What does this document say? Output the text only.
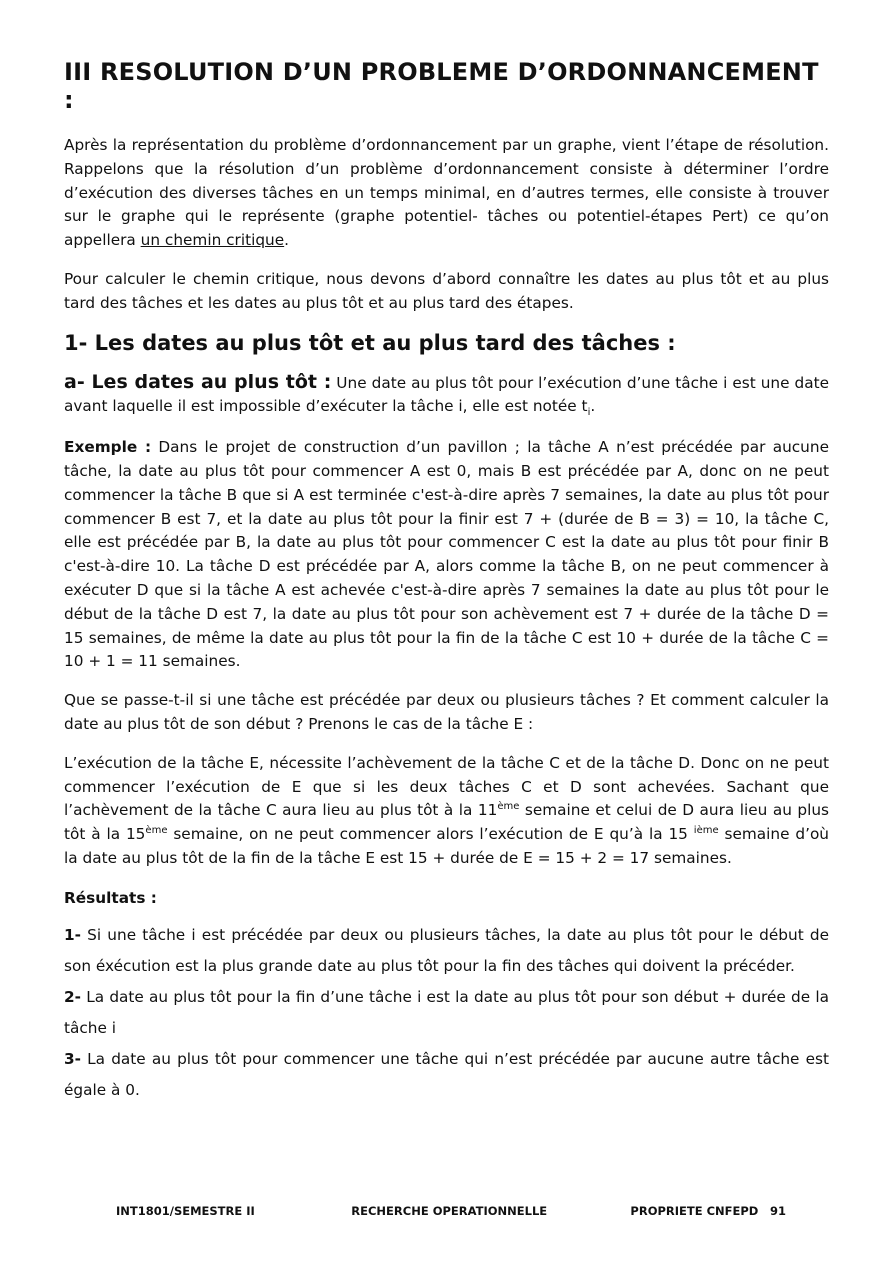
III RESOLUTION D’UN PROBLEME D’ORDONNANCEMENT :

Après la représentation du problème d’ordonnancement par un graphe, vient l’étape de résolution. Rappelons que la résolution d’un problème d’ordonnancement consiste à déterminer l’ordre d’exécution des diverses tâches en un temps minimal, en d’autres termes, elle consiste à trouver sur le graphe qui le représente (graphe potentiel- tâches ou potentiel-étapes Pert) ce qu’on appellera un chemin critique.

Pour calculer le chemin critique, nous devons d’abord connaître les dates au plus tôt et au plus tard des tâches et les dates au plus tôt et au plus tard des étapes.

1- Les dates au plus tôt et au plus tard des tâches :

a- Les dates au plus tôt : Une date au plus tôt pour l’exécution d’une tâche i est une date avant laquelle il est impossible d’exécuter la tâche i, elle est notée $t_i$.

Exemple : Dans le projet de construction d’un pavillon ; la tâche A n’est précédée par aucune tâche, la date au plus tôt pour commencer A est 0, mais B est précédée par A, donc on ne peut commencer la tâche B que si A est terminée c'est-à-dire après 7 semaines, la date au plus tôt pour commencer B est 7, et la date au plus tôt pour la finir est 7 + (durée de B = 3) = 10, la tâche C, elle est précédée par B, la date au plus tôt pour commencer C est la date au plus tôt pour finir B c'est-à-dire 10. La tâche D est précédée par A, alors comme la tâche B, on ne peut commencer à exécuter D que si la tâche A est achevée c'est-à-dire après 7 semaines la date au plus tôt pour le début de la tâche D est 7, la date au plus tôt pour son achèvement est 7 + durée de la tâche D = 15 semaines, de même la date au plus tôt pour la fin de la tâche C est 10 + durée de la tâche C = 10 + 1 = 11 semaines.

Que se passe-t-il si une tâche est précédée par deux ou plusieurs tâches ? Et comment calculer la date au plus tôt de son début ? Prenons le cas de la tâche E :

L’exécution de la tâche E, nécessite l’achèvement de la tâche C et de la tâche D. Donc on ne peut commencer l’exécution de E que si les deux tâches C et D sont achevées. Sachant que l’achèvement de la tâche C aura lieu au plus tôt à la 11ème semaine et celui de D aura lieu au plus tôt à la 15ème semaine, on ne peut commencer alors l’exécution de E qu’à la 15 $^{ième}$ semaine d’où la date au plus tôt de la fin de la tâche E est 15 + durée de E = 15 + 2 = 17 semaines.

Résultats :

1- Si une tâche i est précédée par deux ou plusieurs tâches, la date au plus tôt pour le début de son éxécution est la plus grande date au plus tôt pour la fin des tâches qui doivent la précéder.

2- La date au plus tôt pour la fin d’une tâche i est la date au plus tôt pour son début + durée de la tâche i

3- La date au plus tôt pour commencer une tâche qui n’est précédée par aucune autre tâche est égale à 0.

INT1801/SEMESTRE II	RECHERCHE OPERATIONNELLE	PROPRIETE CNFEPD	91
